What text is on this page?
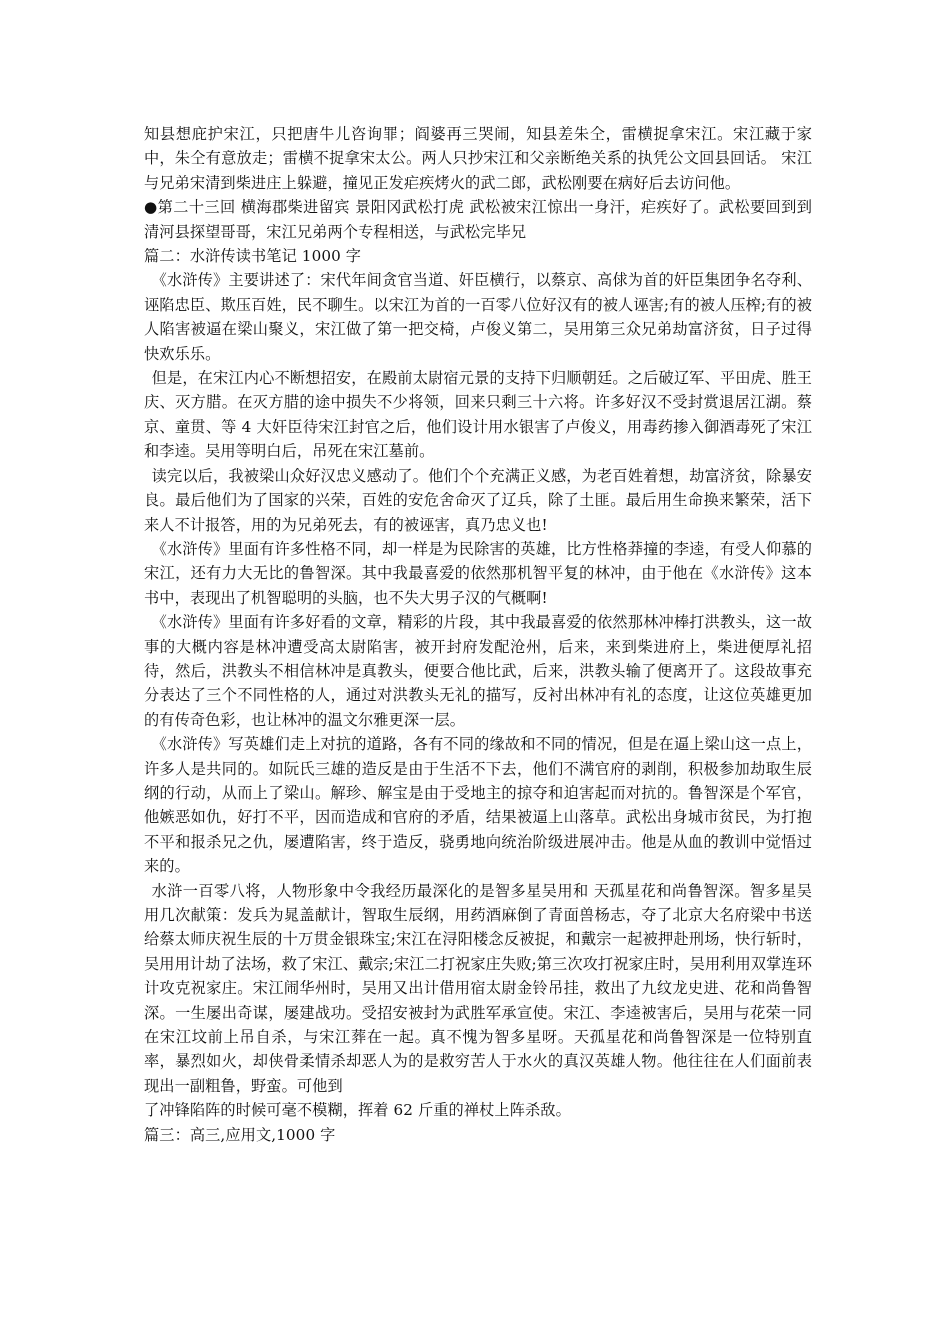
知县想庇护宋江，只把唐牛儿咨询罪；阎婆再三哭闹，知县差朱仝，雷横捉拿宋江。宋江藏于家中，朱仝有意放走；雷横不捉拿宋太公。两人只抄宋江和父亲断绝关系的执凭公文回县回话。 宋江与兄弟宋清到柴进庄上躲避，撞见正发疟疾烤火的武二郎，武松刚要在病好后去访问他。

●第二十三回 横海郡柴进留宾 景阳冈武松打虎 武松被宋江惊出一身汗，疟疾好了。武松要回到到清河县探望哥哥，宋江兄弟两个专程相送，与武松完毕兄

篇二：水浒传读书笔记 1000 字

《水浒传》主要讲述了：宋代年间贪官当道、奸臣横行，以蔡京、高俅为首的奸臣集团争名夺利、诬陷忠臣、欺压百姓，民不聊生。以宋江为首的一百零八位好汉有的被人诬害;有的被人压榨;有的被人陷害被逼在梁山聚义，宋江做了第一把交椅，卢俊义第二，吴用第三众兄弟劫富济贫，日子过得快欢乐乐。

但是，在宋江内心不断想招安，在殿前太尉宿元景的支持下归顺朝廷。之后破辽军、平田虎、胜王庆、灭方腊。在灭方腊的途中损失不少将领，回来只剩三十六将。许多好汉不受封赏退居江湖。蔡京、童贯、等 4 大奸臣待宋江封官之后，他们设计用水银害了卢俊义，用毒药掺入御酒毒死了宋江和李逵。吴用等明白后，吊死在宋江墓前。

读完以后，我被梁山众好汉忠义感动了。他们个个充满正义感，为老百姓着想，劫富济贫，除暴安良。最后他们为了国家的兴荣，百姓的安危舍命灭了辽兵，除了土匪。最后用生命换来繁荣，活下来人不计报答，用的为兄弟死去，有的被诬害，真乃忠义也!

《水浒传》里面有许多性格不同，却一样是为民除害的英雄，比方性格莽撞的李逵，有受人仰慕的宋江，还有力大无比的鲁智深。其中我最喜爱的依然那机智平复的林冲，由于他在《水浒传》这本书中，表现出了机智聪明的头脑，也不失大男子汉的气概啊!

《水浒传》里面有许多好看的文章，精彩的片段，其中我最喜爱的依然那林冲棒打洪教头，这一故事的大概内容是林冲遭受高太尉陷害，被开封府发配沧州，后来，来到柴进府上，柴进便厚礼招待，然后，洪教头不相信林冲是真教头，便要合他比武，后来，洪教头输了便离开了。这段故事充分表达了三个不同性格的人，通过对洪教头无礼的描写，反衬出林冲有礼的态度，让这位英雄更加的有传奇色彩，也让林冲的温文尔雅更深一层。

《水浒传》写英雄们走上对抗的道路，各有不同的缘故和不同的情况，但是在逼上梁山这一点上，许多人是共同的。如阮氏三雄的造反是由于生活不下去，他们不满官府的剥削，积极参加劫取生辰纲的行动，从而上了梁山。解珍、解宝是由于受地主的掠夺和迫害起而对抗的。鲁智深是个军官，他嫉恶如仇，好打不平，因而造成和官府的矛盾，结果被逼上山落草。武松出身城市贫民，为打抱不平和报杀兄之仇，屡遭陷害，终于造反，骁勇地向统治阶级进展冲击。他是从血的教训中觉悟过来的。

水浒一百零八将，人物形象中令我经历最深化的是智多星吴用和 天孤星花和尚鲁智深。智多星吴用几次献策：发兵为晁盖献计，智取生辰纲，用药酒麻倒了青面兽杨志，夺了北京大名府梁中书送给蔡太师庆祝生辰的十万贯金银珠宝;宋江在浔阳楼念反被捉，和戴宗一起被押赴刑场，快行斩时，吴用用计劫了法场，救了宋江、戴宗;宋江二打祝家庄失败;第三次攻打祝家庄时，吴用利用双掌连环计攻克祝家庄。宋江闹华州时，吴用又出计借用宿太尉金铃吊挂，救出了九纹龙史进、花和尚鲁智深。一生屡出奇谋，屡建战功。受招安被封为武胜军承宣使。宋江、李逵被害后，吴用与花荣一同在宋江坟前上吊自杀，与宋江葬在一起。真不愧为智多星呀。天孤星花和尚鲁智深是一位特别直率，暴烈如火，却侠骨柔情杀却恶人为的是救穷苦人于水火的真汉英雄人物。他往往在人们面前表现出一副粗鲁，野蛮。可他到

了冲锋陷阵的时候可毫不模糊，挥着 62 斤重的禅杖上阵杀敌。

篇三：高三,应用文,1000 字
